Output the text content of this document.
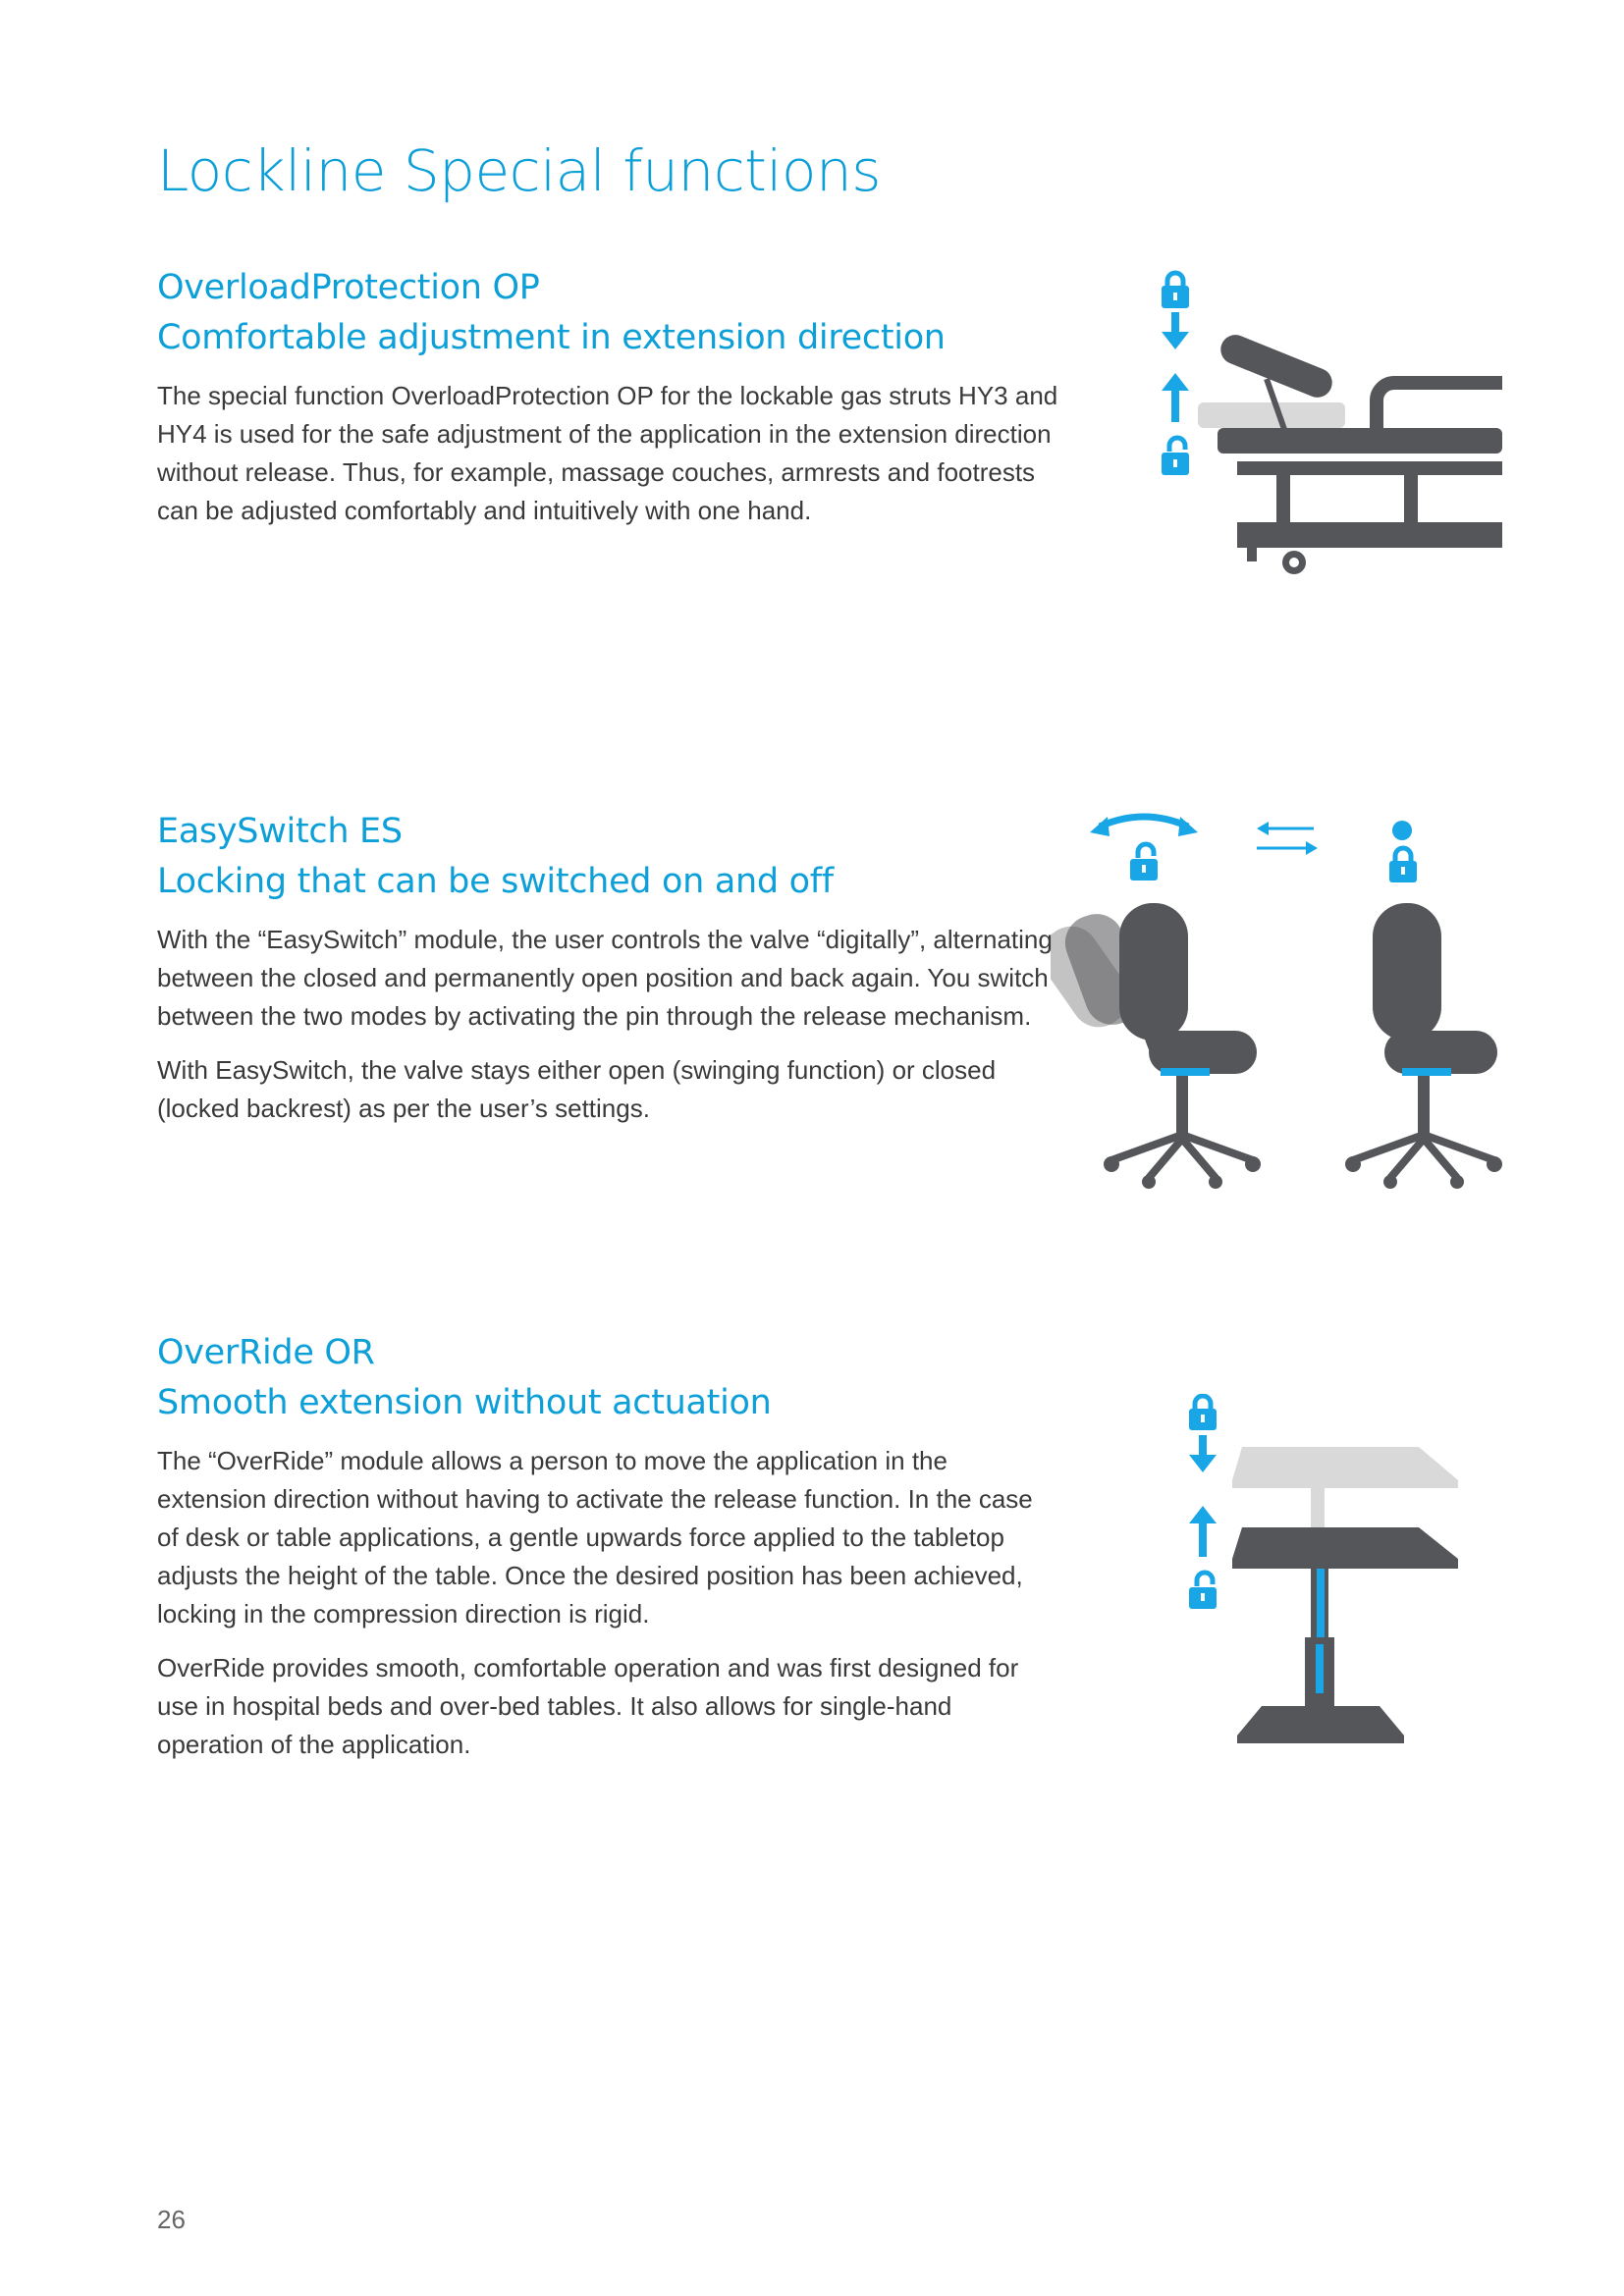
Lockline Special functions
OverloadProtection OP
Comfortable adjustment in extension direction

The special function OverloadProtection OP for the lockable gas struts HY3 and HY4 is used for the safe adjustment of the application in the extension direction without release. Thus, for example, massage couches, armrests and footrests can be adjusted comfortably and intuitively with one hand.

EasySwitch ES
Locking that can be switched on and off

With the “EasySwitch” module, the user controls the valve “digitally”, alternating between the closed and permanently open position and back again. You switch between the two modes by activating the pin through the release mechanism.

With EasySwitch, the valve stays either open (swinging function) or closed (locked backrest) as per the user’s settings.

OverRide OR
Smooth extension without actuation

The “OverRide” module allows a person to move the application in the extension direction without having to activate the release function. In the case of desk or table applications, a gentle upwards force applied to the tabletop adjusts the height of the table. Once the desired position has been achieved, locking in the compression direction is rigid.

OverRide provides smooth, comfortable operation and was first designed for use in hospital beds and over-bed tables. It also allows for single-hand operation of the application.

26
